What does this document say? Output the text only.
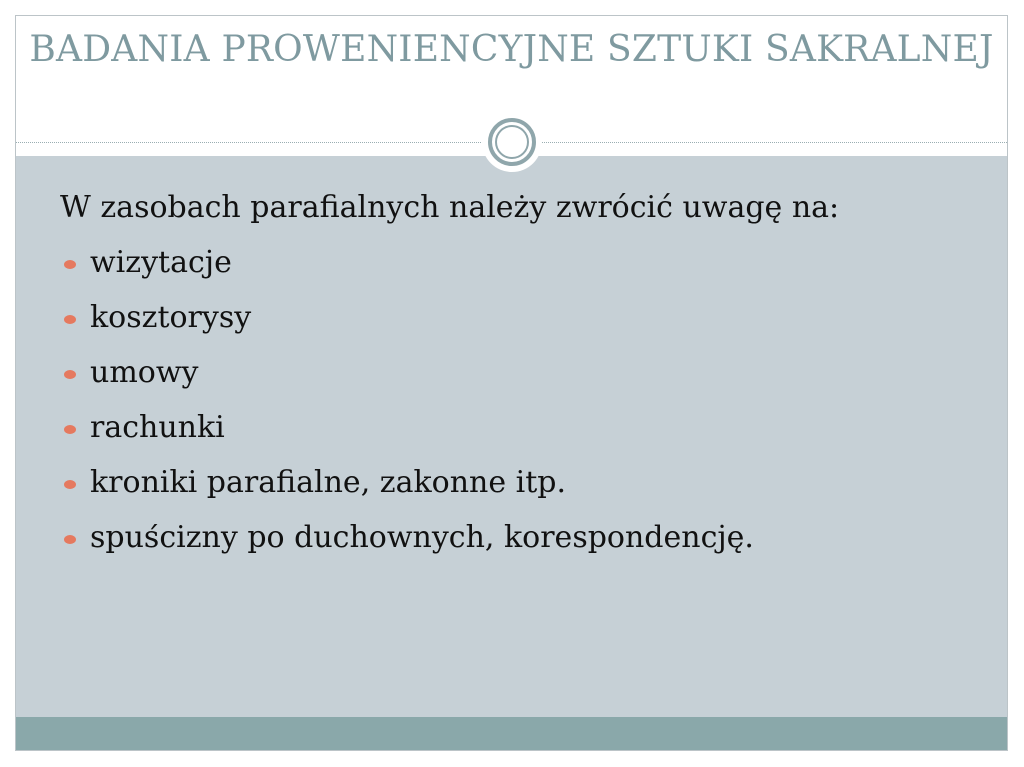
BADANIA PROWENIENCYJNE SZTUKI SAKRALNEJ

W zasobach parafialnych należy zwrócić uwagę na:

wizytacje
kosztorysy
umowy
rachunki
kroniki parafialne, zakonne itp.
spuścizny po duchownych, korespondencję.
